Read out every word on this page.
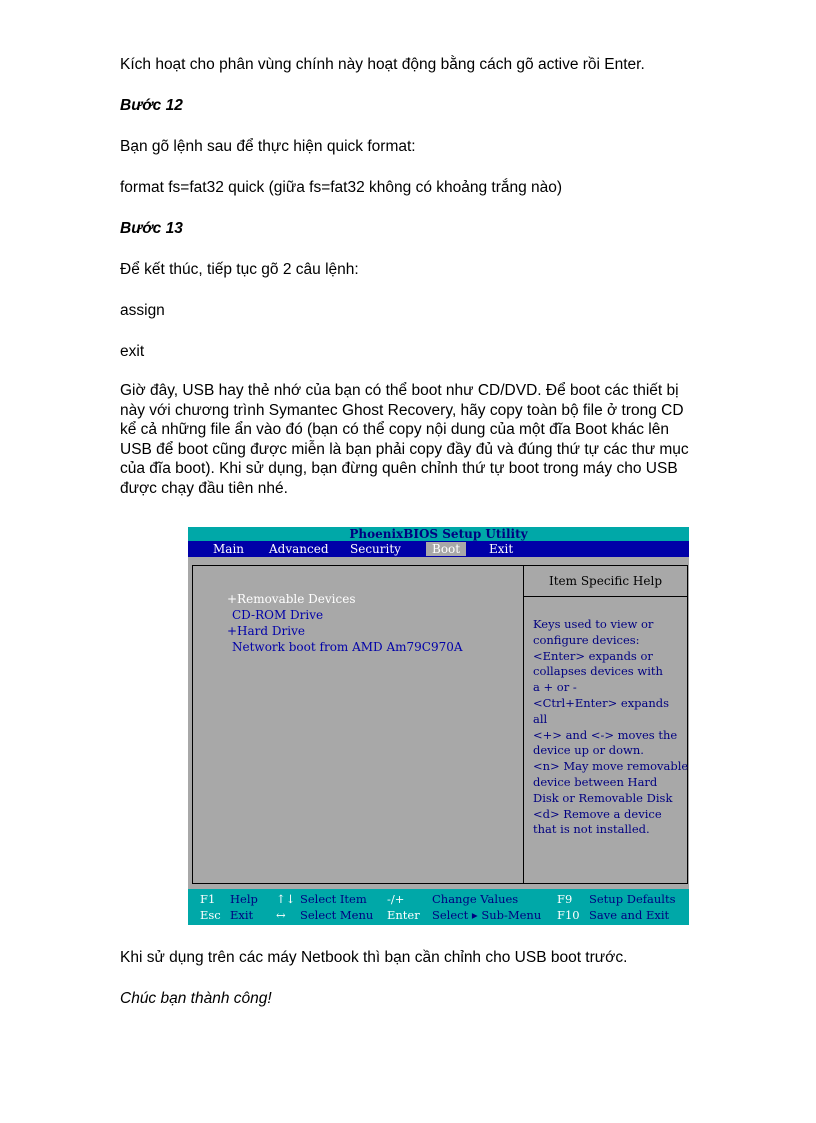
Kích hoạt cho phân vùng chính này hoạt động bằng cách gõ active rồi Enter.
Bước 12
Bạn gõ lệnh sau để thực hiện quick format:
format fs=fat32 quick (giữa fs=fat32 không có khoảng trắng nào)
Bước 13
Để kết thúc, tiếp tục gõ 2 câu lệnh:
assign
exit
Giờ đây, USB hay thẻ nhớ của bạn có thể boot như CD/DVD. Để boot các thiết bị
này với chương trình Symantec Ghost Recovery, hãy copy toàn bộ file ở trong CD
kể cả những file ẩn vào đó (bạn có thể copy nội dung của một đĩa Boot khác lên
USB để boot cũng được miễn là bạn phải copy đầy đủ và đúng thứ tự các thư mục
của đĩa boot). Khi sử dụng, bạn đừng quên chỉnh thứ tự boot trong máy cho USB
được chạy đầu tiên nhé.
PhoenixBIOS Setup Utility
Main Advanced Security	Boot	Exit
+Removable Devices
CD-ROM Drive
+Hard Drive
Network boot from AMD Am79C970A
Item Specific Help
Keys used to view or
configure devices:
<Enter> expands or
collapses devices with
a + or -
<Ctrl+Enter> expands
all
<+> and <-> moves the
device up or down.
<n> May move removable
device between Hard
Disk or Removable Disk
<d> Remove a device
that is not installed.
F1 Help ↑↓ Select Item -/+ Change Values	F9 Setup Defaults
Esc Exit ↔ Select Menu Enter Select ▸ Sub-Menu F10 Save and Exit
Khi sử dụng trên các máy Netbook thì bạn cần chỉnh cho USB boot trước.
Chúc bạn thành công!
